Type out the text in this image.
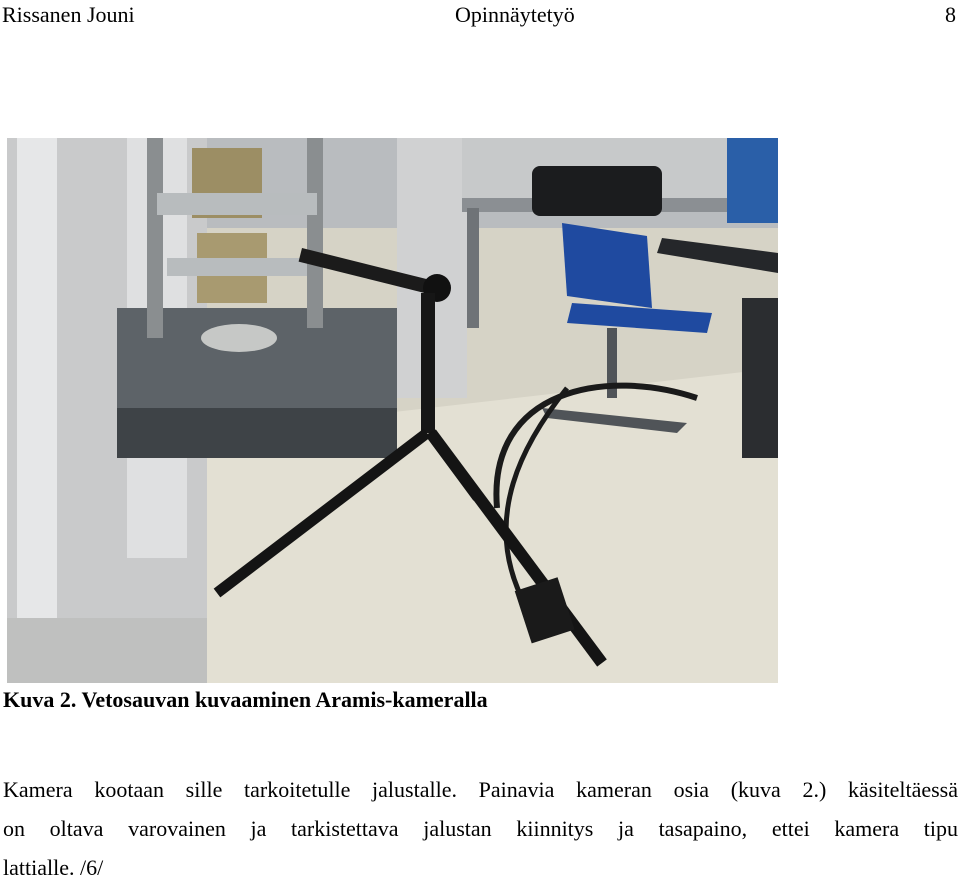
Rissanen Jouni	Opinnäytetyö	8
Kuva 2. Vetosauvan kuvaaminen Aramis-kameralla
Kamera kootaan sille tarkoitetulle jalustalle. Painavia kameran osia (kuva 2.) käsiteltäessä
on oltava varovainen ja tarkistettava jalustan kiinnitys ja tasapaino, ettei kamera tipu
lattialle. /6/
